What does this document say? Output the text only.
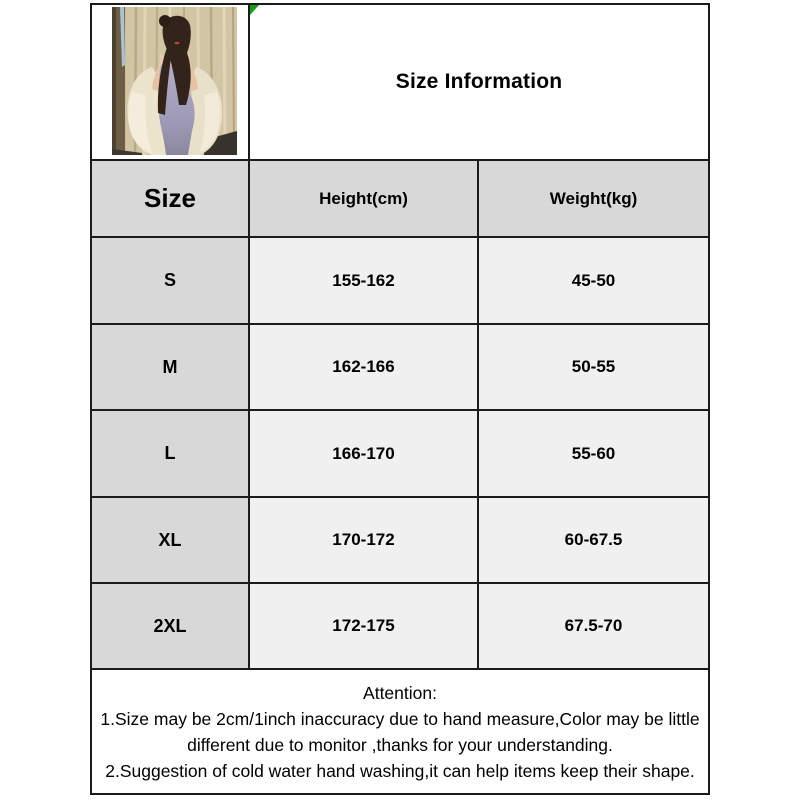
Size Information	
Size	Height(cm)	Weight(kg)
S	155-162	45-50
M	162-166	50-55
L	166-170	55-60
XL	170-172	60-67.5
2XL	172-175	67.5-70

Attention:
1.Size may be 2cm/1inch inaccuracy due to hand measure,Color may be little different due to monitor ,thanks for your understanding.
2.Suggestion of cold water hand washing,it can help items keep their shape.		
